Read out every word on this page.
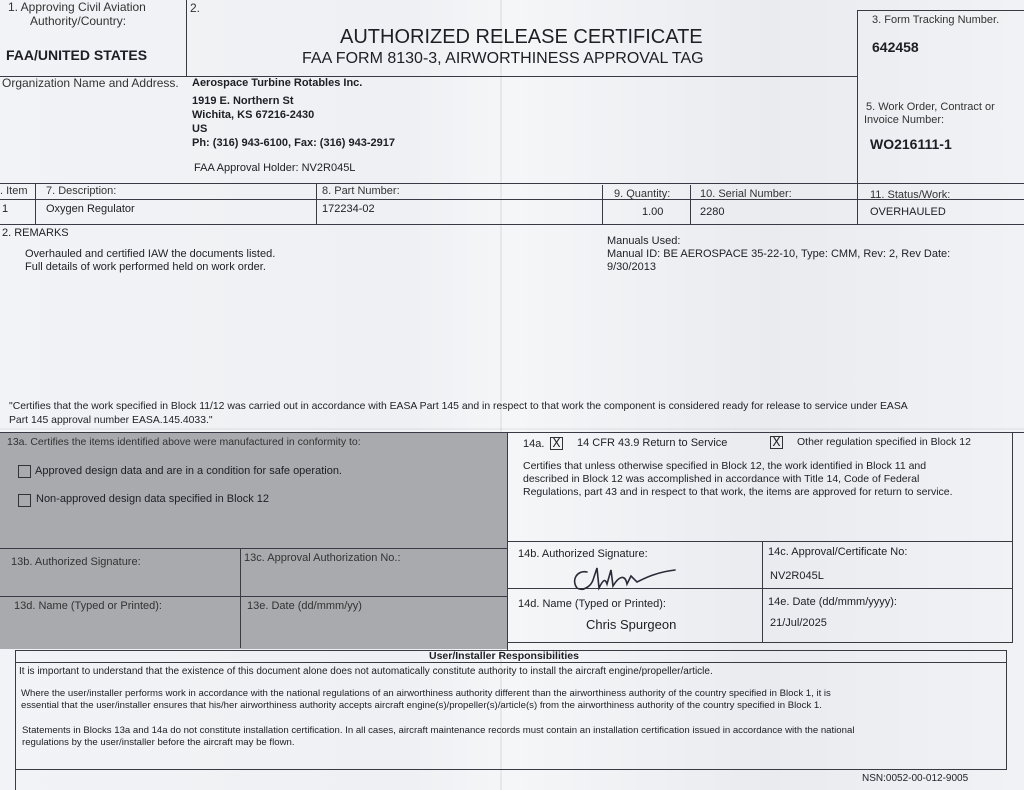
1. Approving Civil Aviation
Authority/Country:
FAA/UNITED STATES
2.
AUTHORIZED RELEASE CERTIFICATE
FAA FORM 8130-3, AIRWORTHINESS APPROVAL TAG
3. Form Tracking Number.
642458
Organization Name and Address. Aerospace Turbine Rotables Inc.
1919 E. Northern St
Wichita, KS 67216-2430
US
Ph: (316) 943-6100, Fax: (316) 943-2917
FAA Approval Holder: NV2R045L
5. Work Order, Contract or
Invoice Number:
WO216111-1
. Item 7. Description:	8. Part Number:	9. Quantity:	10. Serial Number:	11. Status/Work:
1	Oxygen Regulator	172234-02	1.00	2280	OVERHAULED
2. REMARKS
Overhauled and certified IAW the documents listed.
Full details of work performed held on work order.
Manuals Used:
Manual ID: BE AEROSPACE 35-22-10, Type: CMM, Rev: 2, Rev Date:
9/30/2013
"Certifies that the work specified in Block 11/12 was carried out in accordance with EASA Part 145 and in respect to that work the component is considered ready for release to service under EASA
Part 145 approval number EASA.145.4033."
13a. Certifies the items identified above were manufactured in conformity to:
Approved design data and are in a condition for safe operation.
Non-approved design data specified in Block 12
13b. Authorized Signature:	13c. Approval Authorization No.:
13d. Name (Typed or Printed):	13e. Date (dd/mmm/yy)
14a. X 14 CFR 43.9 Return to Service	X Other regulation specified in Block 12
Certifies that unless otherwise specified in Block 12, the work identified in Block 11 and
described in Block 12 was accomplished in accordance with Title 14, Code of Federal
Regulations, part 43 and in respect to that work, the items are approved for return to service.
14b. Authorized Signature:	14c. Approval/Certificate No:
NV2R045L
14d. Name (Typed or Printed):
Chris Spurgeon
14e. Date (dd/mmm/yyyy):
21/Jul/2025
User/Installer Responsibilities
It is important to understand that the existence of this document alone does not automatically constitute authority to install the aircraft engine/propeller/article.
Where the user/installer performs work in accordance with the national regulations of an airworthiness authority different than the airworthiness authority of the country specified in Block 1, it is
essential that the user/installer ensures that his/her airworthiness authority accepts aircraft engine(s)/propeller(s)/article(s) from the airworthiness authority of the country specified in Block 1.
Statements in Blocks 13a and 14a do not constitute installation certification. In all cases, aircraft maintenance records must contain an installation certification issued in accordance with the national
regulations by the user/installer before the aircraft may be flown.
NSN:0052-00-012-9005
